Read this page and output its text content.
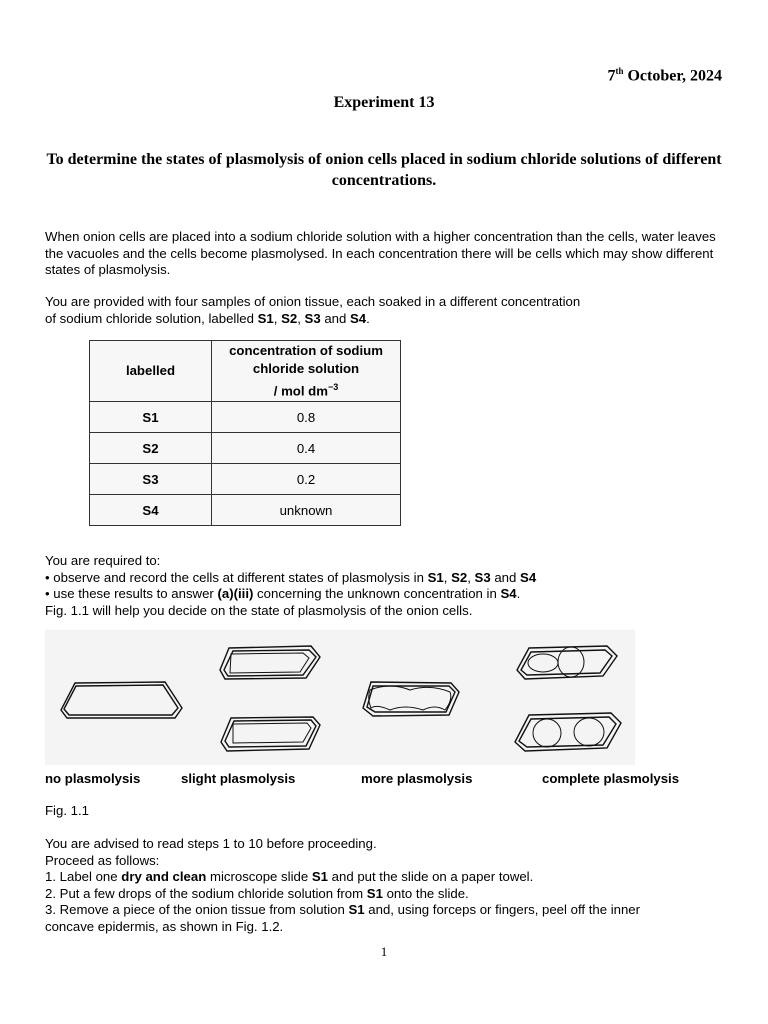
7th October, 2024
Experiment 13
To determine the states of plasmolysis of onion cells placed in sodium chloride solutions of different concentrations.
When onion cells are placed into a sodium chloride solution with a higher concentration than the cells, water leaves the vacuoles and the cells become plasmolysed. In each concentration there will be cells which may show different states of plasmolysis.
You are provided with four samples of onion tissue, each soaked in a different concentration
of sodium chloride solution, labelled S1, S2, S3 and S4.
labelled	concentration of sodium
chloride solution
/ mol $dm^{-3}$

S1	0.8
S2	0.4
S3	0.2
S4	unknown
You are required to:
• observe and record the cells at different states of plasmolysis in S1, S2, S3 and S4
• use these results to answer (a)(iii) concerning the unknown concentration in S4.
Fig. 1.1 will help you decide on the state of plasmolysis of the onion cells.
no plasmolysis	slight plasmolysis	more plasmolysis	complete plasmolysis
Fig. 1.1
You are advised to read steps 1 to 10 before proceeding.
Proceed as follows:
1. Label one dry and clean microscope slide S1 and put the slide on a paper towel.
2. Put a few drops of the sodium chloride solution from S1 onto the slide.
3. Remove a piece of the onion tissue from solution S1 and, using forceps or fingers, peel off the inner
concave epidermis, as shown in Fig. 1.2.
1
